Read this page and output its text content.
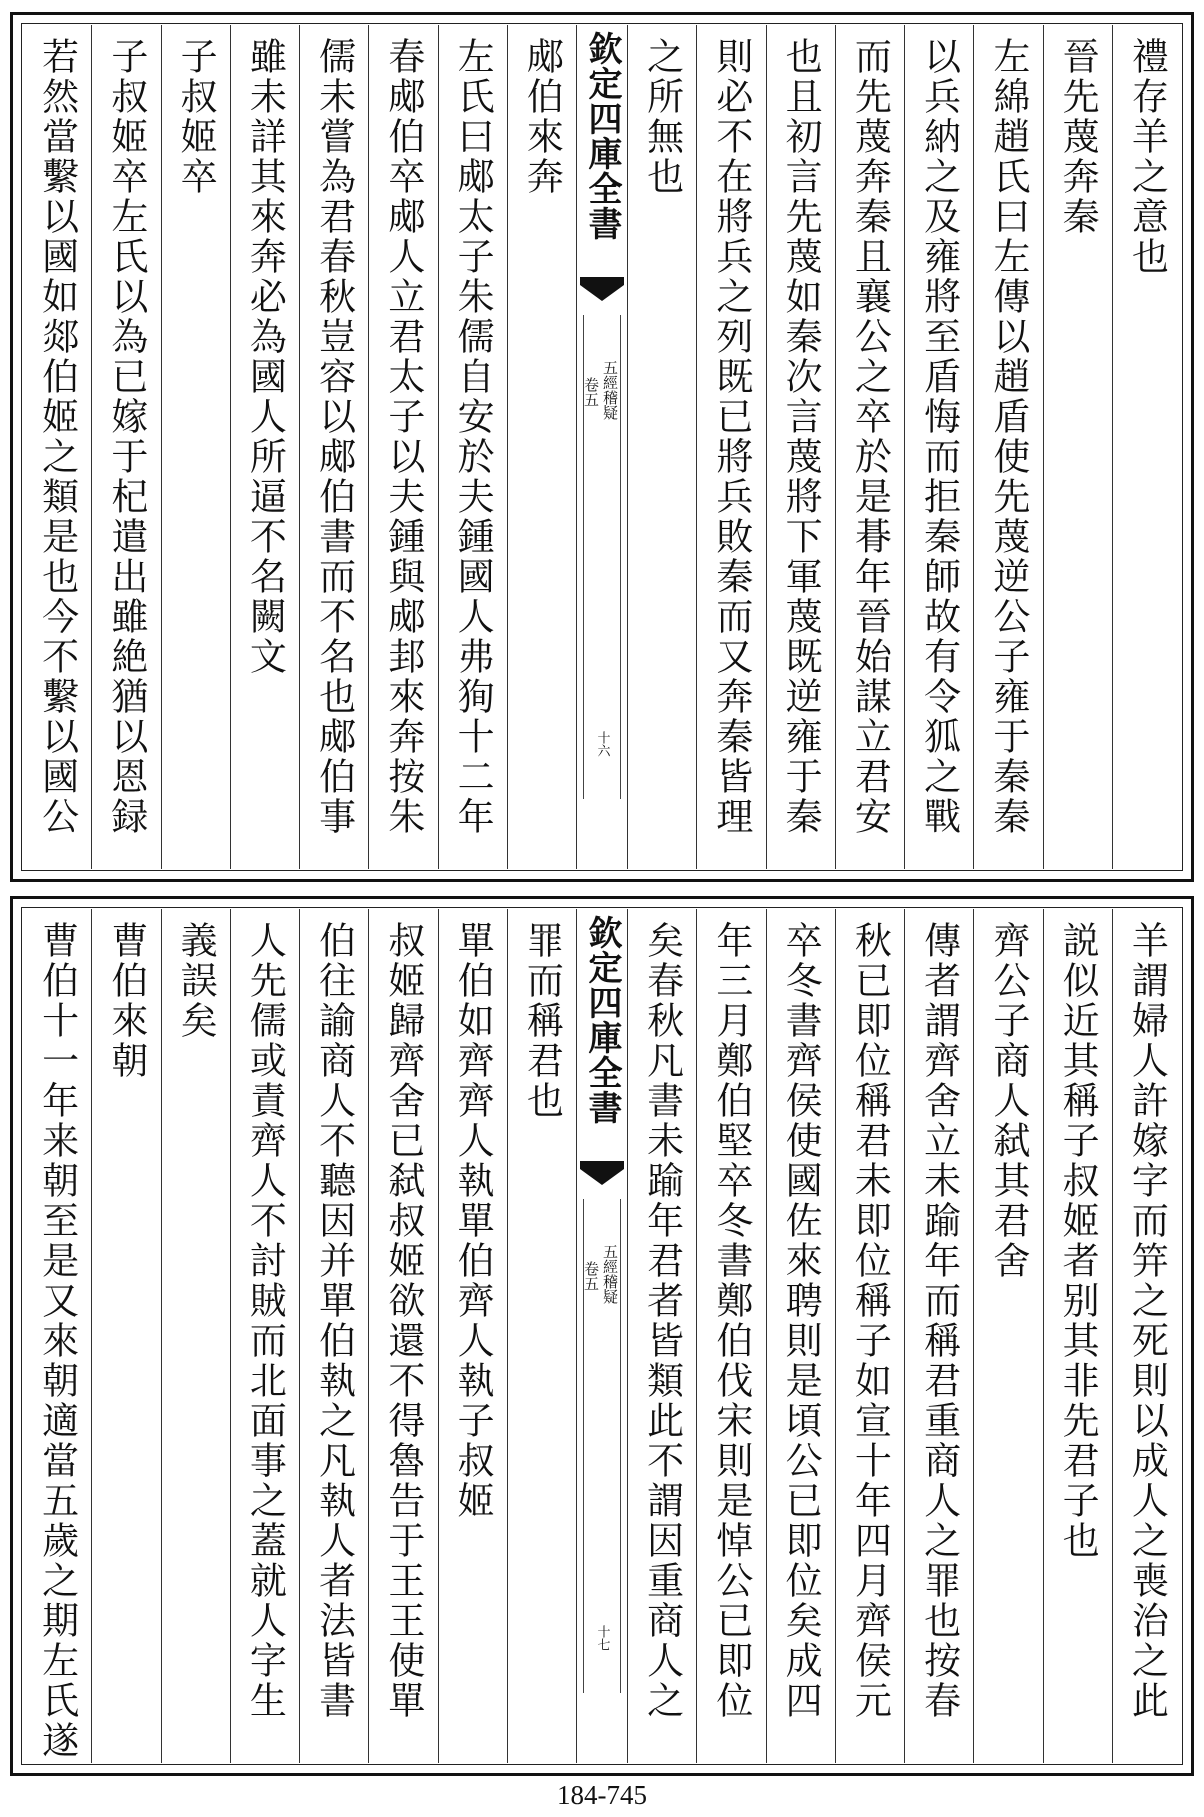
禮存羊之意也
晉先蔑奔秦
左綿趙氏曰左傳以趙盾使先蔑逆公子雍于秦秦
以兵納之及雍將至盾悔而拒秦師故有令狐之戰
而先蔑奔秦且襄公之卒於是朞年晉始謀立君安
也且初言先蔑如秦次言蔑將下軍蔑既逆雍于秦
則必不在將兵之列既已將兵敗秦而又奔秦皆理
之所無也
欽定四庫全書
五經稽疑
卷五
十六
郕伯來奔
左氏曰郕太子朱儒自安於夫鍾國人弗狥十二年
春郕伯卒郕人立君太子以夫鍾與郕邽來奔按朱
儒未嘗為君春秋豈容以郕伯書而不名也郕伯事
雖未詳其來奔必為國人所逼不名闕文
子叔姬卒
子叔姬卒左氏以為已嫁于杞遣出雖絶猶以恩録
若然當繫以國如郯伯姬之類是也今不繫以國公
羊謂婦人許嫁字而笄之死則以成人之喪治之此
説似近其稱子叔姬者别其非先君子也
齊公子商人弑其君舍
傳者謂齊舍立未踰年而稱君重商人之罪也按春
秋已即位稱君未即位稱子如宣十年四月齊侯元
卒冬書齊侯使國佐來聘則是頃公已即位矣成四
年三月鄭伯堅卒冬書鄭伯伐宋則是悼公已即位
矣春秋凡書未踰年君者皆類此不謂因重商人之
欽定四庫全書
五經稽疑
卷五
十七
罪而稱君也
單伯如齊齊人執單伯齊人執子叔姬
叔姬歸齊舍已弑叔姬欲還不得魯告于王王使單
伯往諭商人不聽因并單伯執之凡執人者法皆書
人先儒或責齊人不討賊而北面事之蓋就人字生
義誤矣
曹伯來朝
曹伯十一年来朝至是又來朝適當五歲之期左氏遂
184-745
